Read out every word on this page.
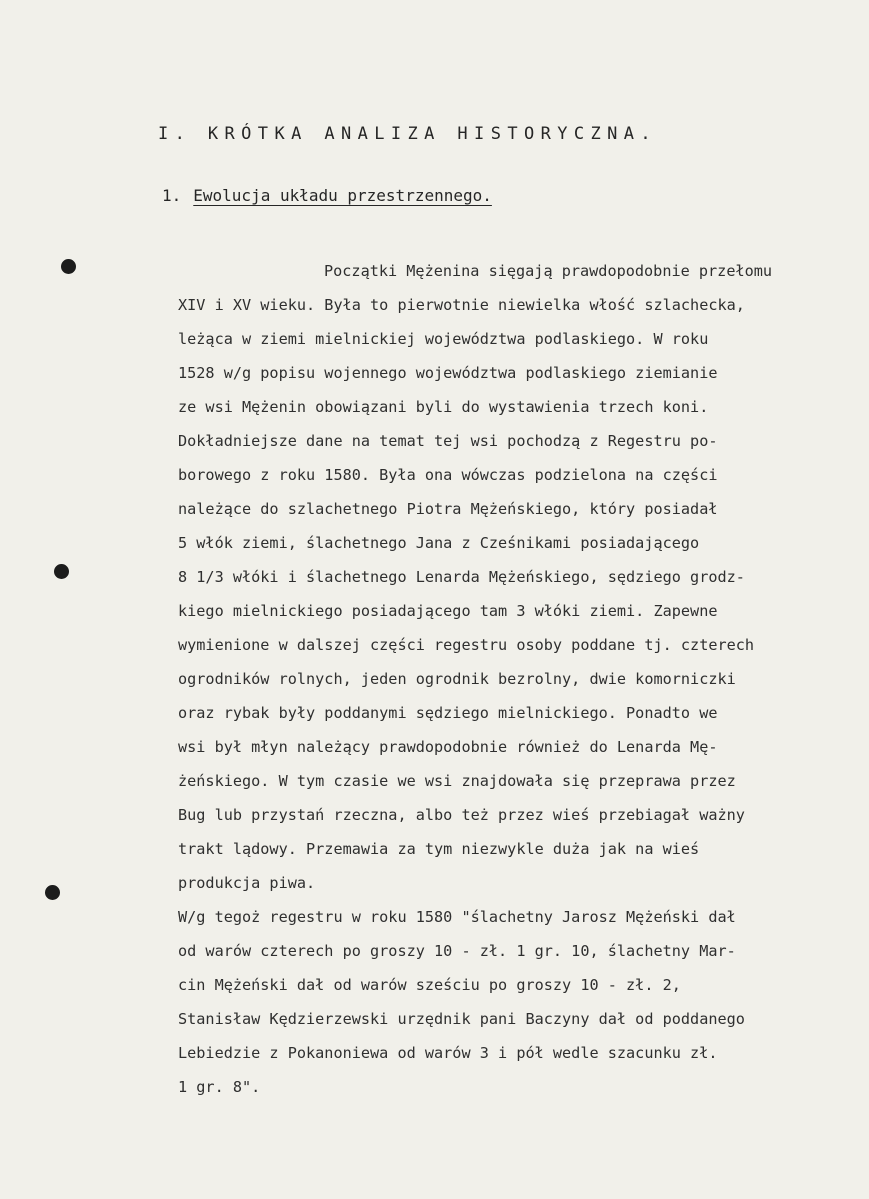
I. KRÓTKA ANALIZA HISTORYCZNA.
1. Ewolucja układu przestrzennego.
Początki Mężenina sięgają prawdopodobnie przełomu
XIV i XV wieku. Była to pierwotnie niewielka włość szlachecka,
leżąca w ziemi mielnickiej województwa podlaskiego. W roku
1528 w/g popisu wojennego województwa podlaskiego ziemianie
ze wsi Mężenin obowiązani byli do wystawienia trzech koni.
Dokładniejsze dane na temat tej wsi pochodzą z Regestru po-
borowego z roku 1580. Była ona wówczas podzielona na części
należące do szlachetnego Piotra Mężeńskiego, który posiadał
5 włók ziemi, ślachetnego Jana z Cześnikami posiadającego
8 1/3 włóki i ślachetnego Lenarda Mężeńskiego, sędziego grodz-
kiego mielnickiego posiadającego tam 3 włóki ziemi. Zapewne
wymienione w dalszej części regestru osoby poddane tj. czterech
ogrodników rolnych, jeden ogrodnik bezrolny, dwie komorniczki
oraz rybak były poddanymi sędziego mielnickiego. Ponadto we
wsi był młyn należący prawdopodobnie również do Lenarda Mę-
żeńskiego. W tym czasie we wsi znajdowała się przeprawa przez
Bug lub przystań rzeczna, albo też przez wieś przebiagał ważny
trakt lądowy. Przemawia za tym niezwykle duża jak na wieś
produkcja piwa.
W/g tegoż regestru w roku 1580 "ślachetny Jarosz Mężeński dał
od warów czterech po groszy 10 - zł. 1 gr. 10, ślachetny Mar-
cin Mężeński dał od warów sześciu po groszy 10 - zł. 2,
Stanisław Kędzierzewski urzędnik pani Baczyny dał od poddanego
Lebiedzie z Pokanoniewa od warów 3 i pół wedle szacunku zł.
1 gr. 8".
